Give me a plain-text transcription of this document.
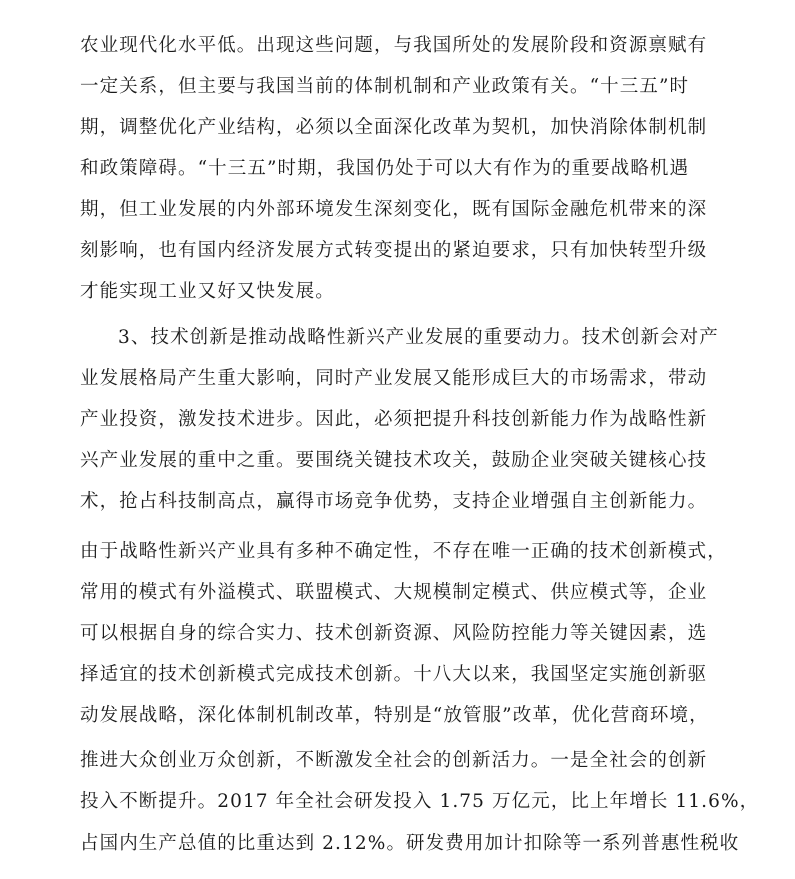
农业现代化水平低。出现这些问题，与我国所处的发展阶段和资源禀赋有
一定关系，但主要与我国当前的体制机制和产业政策有关。“十三五”时
期，调整优化产业结构，必须以全面深化改革为契机，加快消除体制机制
和政策障碍。“十三五”时期，我国仍处于可以大有作为的重要战略机遇
期，但工业发展的内外部环境发生深刻变化，既有国际金融危机带来的深
刻影响，也有国内经济发展方式转变提出的紧迫要求，只有加快转型升级
才能实现工业又好又快发展。
3、技术创新是推动战略性新兴产业发展的重要动力。技术创新会对产
业发展格局产生重大影响，同时产业发展又能形成巨大的市场需求，带动
产业投资，激发技术进步。因此，必须把提升科技创新能力作为战略性新
兴产业发展的重中之重。要围绕关键技术攻关，鼓励企业突破关键核心技
术，抢占科技制高点，赢得市场竞争优势，支持企业增强自主创新能力。
由于战略性新兴产业具有多种不确定性，不存在唯一正确的技术创新模式，
常用的模式有外溢模式、联盟模式、大规模制定模式、供应模式等，企业
可以根据自身的综合实力、技术创新资源、风险防控能力等关键因素，选
择适宜的技术创新模式完成技术创新。十八大以来，我国坚定实施创新驱
动发展战略，深化体制机制改革，特别是“放管服”改革，优化营商环境，
推进大众创业万众创新，不断激发全社会的创新活力。一是全社会的创新
投入不断提升。2017 年全社会研发投入 1.75 万亿元，比上年增长 11.6%，
占国内生产总值的比重达到 2.12%。研发费用加计扣除等一系列普惠性税收
